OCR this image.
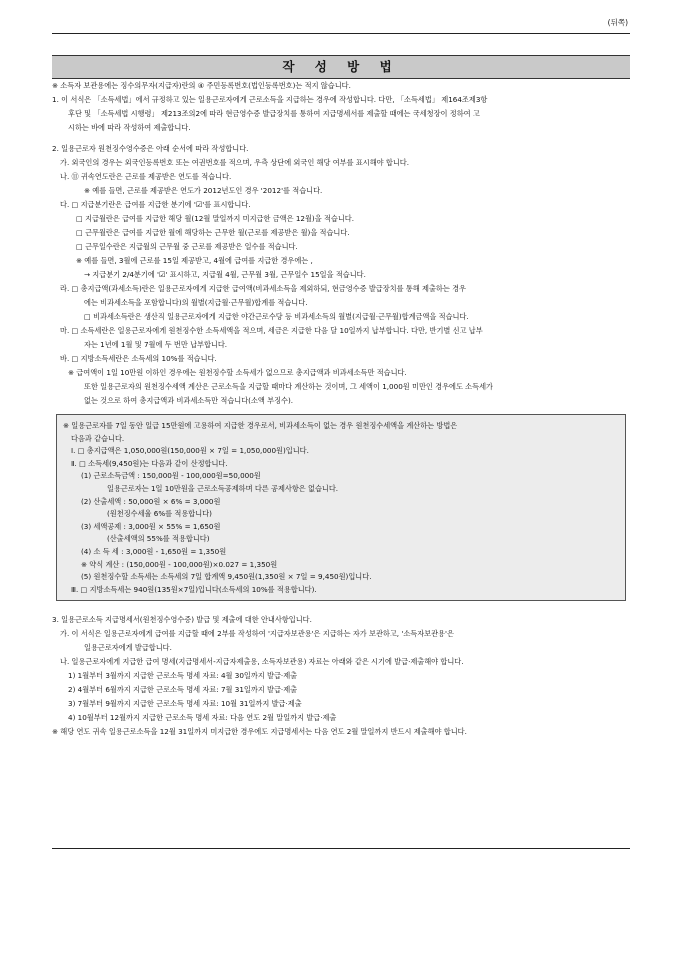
(뒤쪽)
작 성 방 법
※ 소득자 보관용에는 징수의무자(지급자)란의 ④ 주민등록번호(법인등록번호)는 적지 않습니다.
1. 이 서식은 「소득세법」에서 규정하고 있는 일용근로자에게 근로소득을 지급하는 경우에 작성합니다. 다만, 「소득세법」 제164조제3항
후단 및 「소득세법 시행령」 제213조의2에 따라 현금영수증 발급장치를 통하여 지급명세서를 제출할 때에는 국세청장이 정하여 고
시하는 바에 따라 작성하여 제출합니다.
2. 일용근로자 원천징수영수증은 아래 순서에 따라 작성합니다.
가. 외국인의 경우는 외국인등록번호 또는 여권번호를 적으며, 우측 상단에 외국인 해당 여부를 표시해야 합니다.
나. ⑪ 귀속연도란은 근로를 제공받은 연도를 적습니다.
※ 예를 들면, 근로를 제공받은 연도가 2012년도인 경우 '2012'를 적습니다.
다. □ 지급분기란은 급여를 지급한 분기에 '☑'를 표시합니다.
□ 지급월란은 급여를 지급한 해당 월(12월 말일까지 미지급한 금액은 12월)을 적습니다.
□ 근무월란은 급여를 지급한 월에 해당하는 근무한 월(근로를 제공받은 월)을 적습니다.
□ 근무일수란은 지급월의 근무월 중 근로를 제공받은 일수를 적습니다.
※ 예를 들면, 3월에 근로를 15일 제공받고, 4월에 급여를 지급한 경우에는 ,
→ 지급분기 2/4분기에 '☑' 표시하고, 지급월 4월, 근무월 3월, 근무일수 15일을 적습니다.
라. □ 총지급액(과세소득)란은 일용근로자에게 지급한 급여액(비과세소득을 제외하되, 현금영수증 발급장치를 통해 제출하는 경우
에는 비과세소득을 포함합니다)의 월별(지급월·근무월)합계를 적습니다.
□ 비과세소득란은 생산직 일용근로자에게 지급한 야간근로수당 등 비과세소득의 월별(지급월·근무월)합계금액을 적습니다.
마. □ 소득세란은 일용근로자에게 원천징수한 소득세액을 적으며, 세금은 지급한 다음 달 10일까지 납부합니다. 다만, 반기별 신고 납부
자는 1년에 1월 및 7월에 두 번만 납부합니다.
바. □ 지방소득세란은 소득세의 10%를 적습니다.
※ 급여액이 1일 10만원 이하인 경우에는 원천징수할 소득세가 없으므로 총지급액과 비과세소득만 적습니다.
또한 일용근로자의 원천징수세액 계산은 근로소득을 지급할 때마다 계산하는 것이며, 그 세액이 1,000원 미만인 경우에도 소득세가
없는 것으로 하여 총지급액과 비과세소득만 적습니다(소액 부징수).
※ 일용근로자를 7일 동안 일급 15만원에 고용하여 지급한 경우로서, 비과세소득이 없는 경우 원천징수세액을 계산하는 방법은
다음과 같습니다.
Ⅰ. □ 총지급액은 1,050,000원(150,000원 × 7일 = 1,050,000원)입니다.
Ⅱ. □ 소득세(9,450원)는 다음과 같이 산정합니다.
(1) 근로소득금액 : 150,000원 - 100,000원=50,000원
일용근로자는 1일 10만원을 근로소득공제하며 다른 공제사항은 없습니다.
(2) 산출세액 : 50,000원 × 6% = 3,000원
(원천징수세율 6%를 적용합니다)
(3) 세액공제 : 3,000원 × 55% = 1,650원
(산출세액의 55%를 적용합니다)
(4) 소 득 세 : 3,000원 - 1,650원 = 1,350원
※ 약식 계산 : (150,000원 - 100,000원)×0.027 = 1,350원
(5) 원천징수할 소득세는 소득세의 7일 합계액 9,450원(1,350원 × 7일 = 9,450원)입니다.
Ⅲ. □ 지방소득세는 940원(135원×7일)입니다(소득세의 10%를 적용합니다).
3. 일용근로소득 지급명세서(원천징수영수증) 발급 및 제출에 대한 안내사항입니다.
가. 이 서식은 일용근로자에게 급여를 지급할 때에 2부를 작성하여 '지급자보관용'은 지급하는 자가 보관하고, '소득자보관용'은
일용근로자에게 발급합니다.
나. 일용근로자에게 지급한 급여 명세(지급명세서-지급자제출용, 소득자보관용) 자료는 아래와 같은 시기에 발급·제출해야 합니다.
1) 1월부터 3월까지 지급한 근로소득 명세 자료: 4월 30일까지 발급·제출
2) 4월부터 6월까지 지급한 근로소득 명세 자료: 7월 31일까지 발급·제출
3) 7월부터 9월까지 지급한 근로소득 명세 자료: 10월 31일까지 발급·제출
4) 10월부터 12월까지 지급한 근로소득 명세 자료: 다음 연도 2월 말일까지 발급·제출
※ 해당 연도 귀속 일용근로소득을 12월 31일까지 미지급한 경우에도 지급명세서는 다음 연도 2월 말일까지 반드시 제출해야 합니다.
